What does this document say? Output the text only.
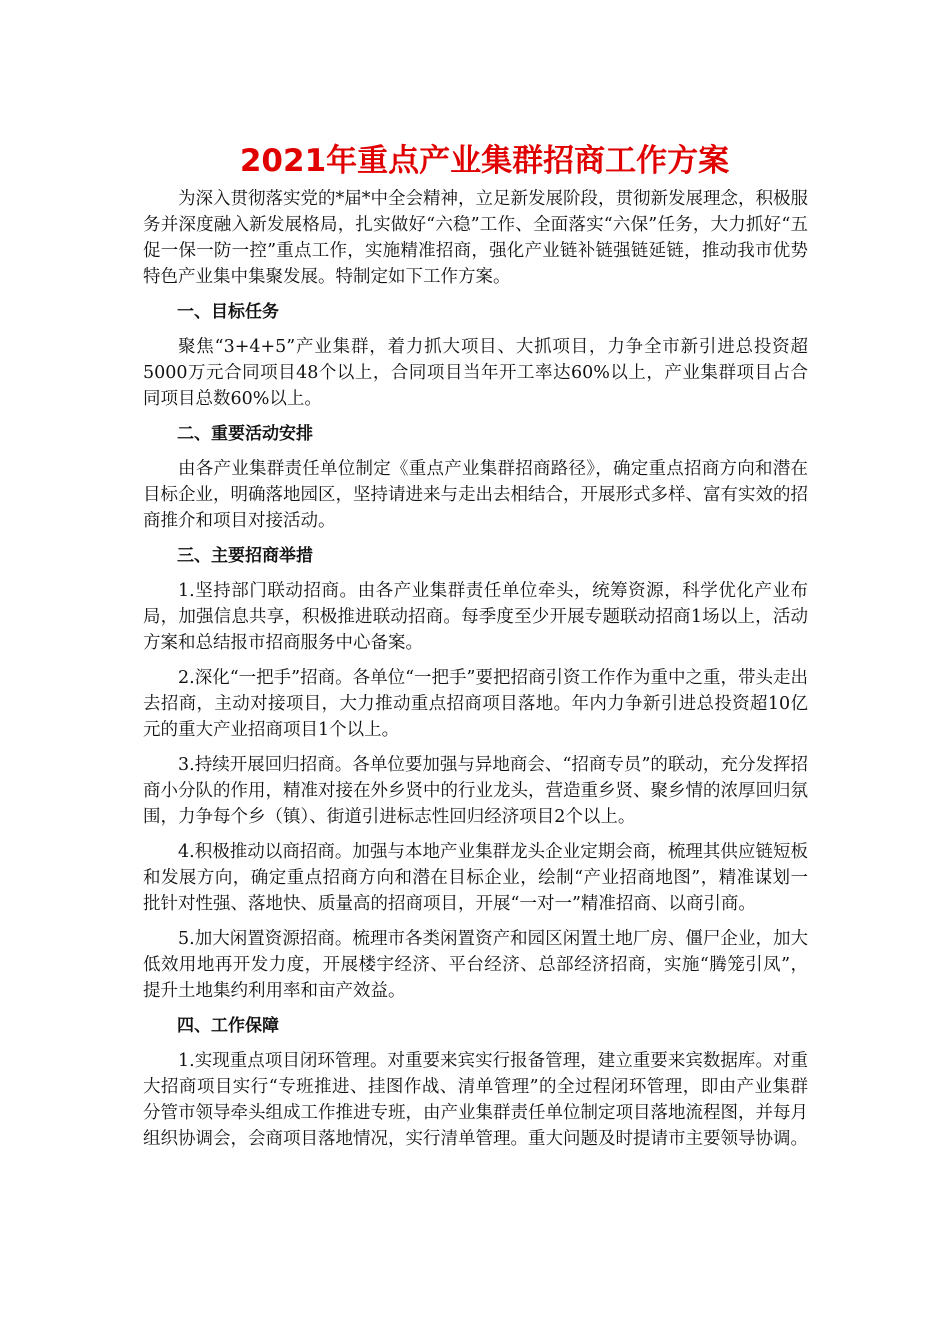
2021年重点产业集群招商工作方案

为深入贯彻落实党的*届*中全会精神，立足新发展阶段，贯彻新发展理念，积极服务并深度融入新发展格局，扎实做好“六稳”工作、全面落实“六保”任务，大力抓好“五促一保一防一控”重点工作，实施精准招商，强化产业链补链强链延链，推动我市优势特色产业集中集聚发展。特制定如下工作方案。

一、目标任务

聚焦“3+4+5”产业集群，着力抓大项目、大抓项目，力争全市新引进总投资超5000万元合同项目48个以上，合同项目当年开工率达60%以上，产业集群项目占合同项目总数60%以上。

二、重要活动安排

由各产业集群责任单位制定《重点产业集群招商路径》，确定重点招商方向和潜在目标企业，明确落地园区，坚持请进来与走出去相结合，开展形式多样、富有实效的招商推介和项目对接活动。

三、主要招商举措

1.坚持部门联动招商。由各产业集群责任单位牵头，统筹资源，科学优化产业布局，加强信息共享，积极推进联动招商。每季度至少开展专题联动招商1场以上，活动方案和总结报市招商服务中心备案。

2.深化“一把手”招商。各单位“一把手”要把招商引资工作作为重中之重，带头走出去招商，主动对接项目，大力推动重点招商项目落地。年内力争新引进总投资超10亿元的重大产业招商项目1个以上。

3.持续开展回归招商。各单位要加强与异地商会、“招商专员”的联动，充分发挥招商小分队的作用，精准对接在外乡贤中的行业龙头，营造重乡贤、聚乡情的浓厚回归氛围，力争每个乡（镇）、街道引进标志性回归经济项目2个以上。

4.积极推动以商招商。加强与本地产业集群龙头企业定期会商，梳理其供应链短板和发展方向，确定重点招商方向和潜在目标企业，绘制“产业招商地图”，精准谋划一批针对性强、落地快、质量高的招商项目，开展“一对一”精准招商、以商引商。

5.加大闲置资源招商。梳理市各类闲置资产和园区闲置土地厂房、僵尸企业，加大低效用地再开发力度，开展楼宇经济、平台经济、总部经济招商，实施“腾笼引凤”，提升土地集约利用率和亩产效益。

四、工作保障

1.实现重点项目闭环管理。对重要来宾实行报备管理，建立重要来宾数据库。对重大招商项目实行“专班推进、挂图作战、清单管理”的全过程闭环管理，即由产业集群分管市领导牵头组成工作推进专班，由产业集群责任单位制定项目落地流程图，并每月组织协调会，会商项目落地情况，实行清单管理。重大问题及时提请市主要领导协调。
